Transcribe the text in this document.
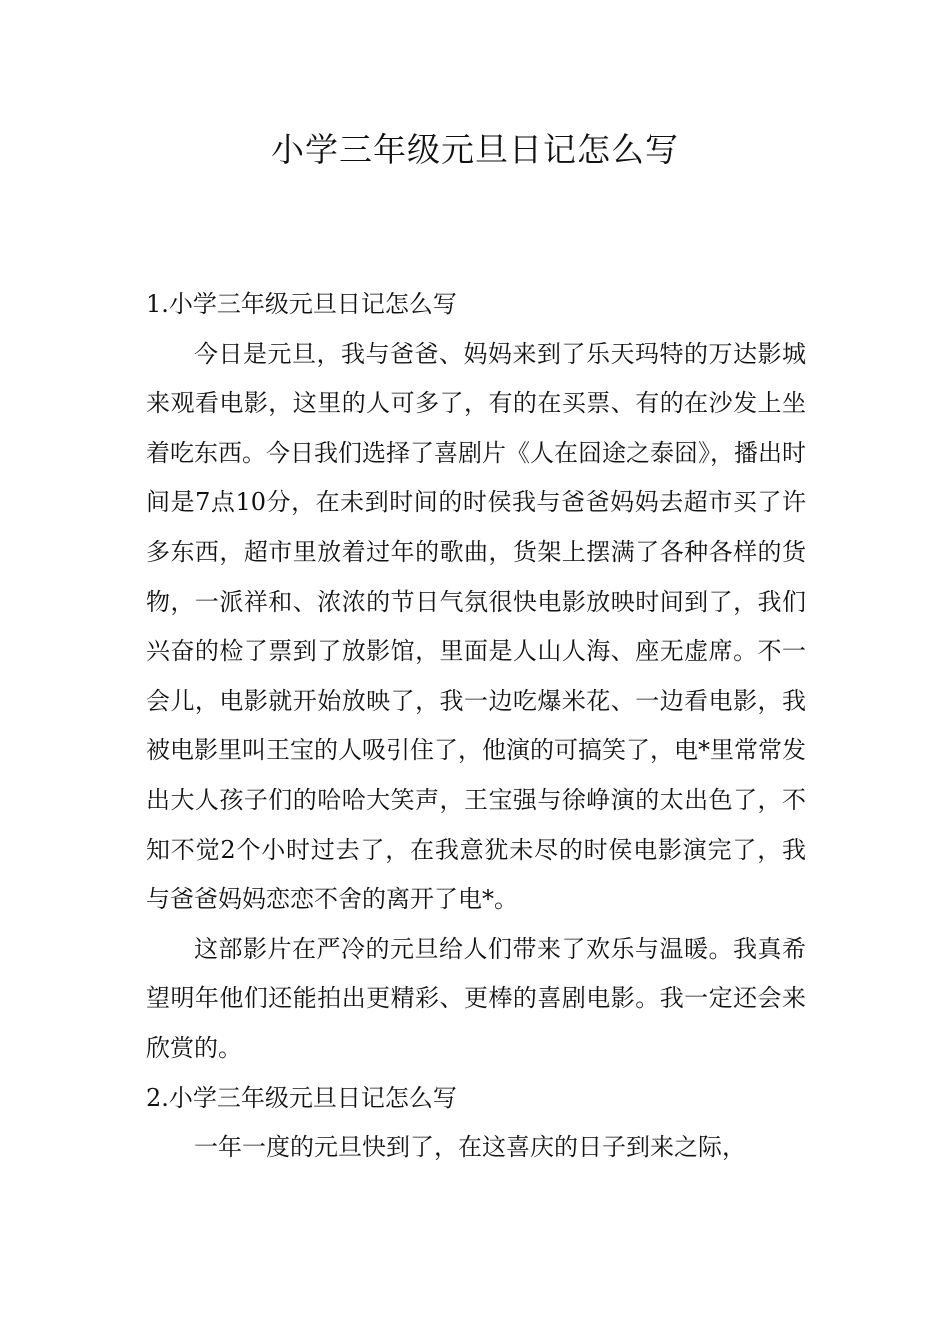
小学三年级元旦日记怎么写

1.小学三年级元旦日记怎么写

今日是元旦，我与爸爸、妈妈来到了乐天玛特的万达影城来观看电影，这里的人可多了，有的在买票、有的在沙发上坐着吃东西。今日我们选择了喜剧片《人在囧途之泰囧》，播出时间是7点10分，在未到时间的时侯我与爸爸妈妈去超市买了许多东西，超市里放着过年的歌曲，货架上摆满了各种各样的货物，一派祥和、浓浓的节日气氛很快电影放映时间到了，我们兴奋的检了票到了放影馆，里面是人山人海、座无虚席。不一会儿，电影就开始放映了，我一边吃爆米花、一边看电影，我被电影里叫王宝的人吸引住了，他演的可搞笑了，电*里常常发出大人孩子们的哈哈大笑声，王宝强与徐峥演的太出色了，不知不觉2个小时过去了，在我意犹未尽的时侯电影演完了，我与爸爸妈妈恋恋不舍的离开了电*。

这部影片在严冷的元旦给人们带来了欢乐与温暖。我真希望明年他们还能拍出更精彩、更棒的喜剧电影。我一定还会来欣赏的。

2.小学三年级元旦日记怎么写

一年一度的元旦快到了，在这喜庆的日子到来之际，
